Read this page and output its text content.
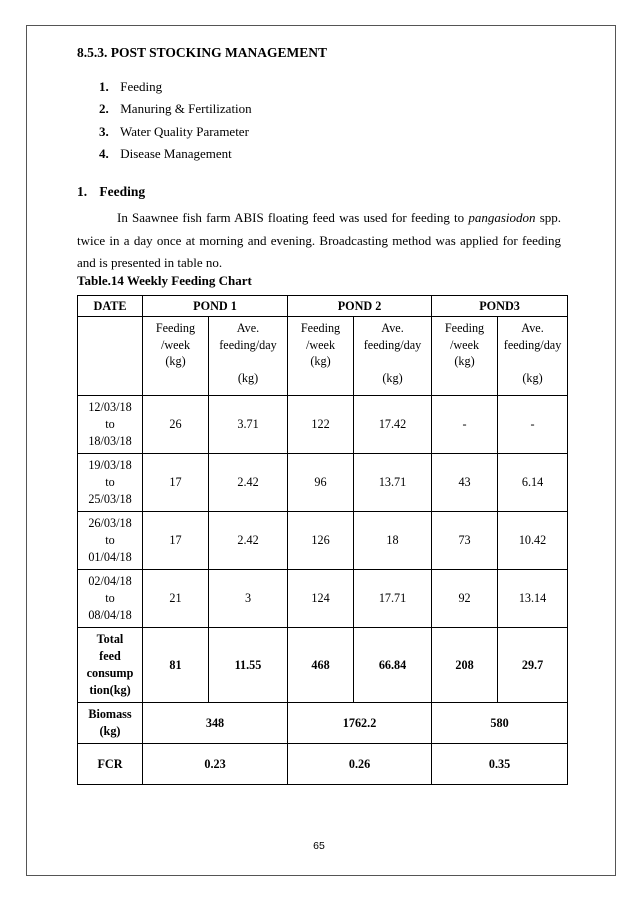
8.5.3. POST STOCKING MANAGEMENT
1. Feeding
2. Manuring & Fertilization
3. Water Quality Parameter
4. Disease Management
1. Feeding
In Saawnee fish farm ABIS floating feed was used for feeding to pangasiodon spp. twice in a day once at morning and evening. Broadcasting method was applied for feeding and is presented in table no.
Table.14 Weekly Feeding Chart
DATE	POND 1		POND 2		POND3	
	Feeding
/week
(kg)	Ave.
feeding/day

(kg)	Feeding
/week
(kg)	Ave.
feeding/day

(kg)	Feeding
/week
(kg)	Ave.
feeding/day

(kg)
12/03/18
to
18/03/18	26	3.71	122	17.42	-	-
19/03/18
to
25/03/18	17	2.42	96	13.71	43	6.14
26/03/18
to
01/04/18	17	2.42	126	18	73	10.42
02/04/18
to
08/04/18	21	3	124	17.71	92	13.14
Total
feed
consump
tion(kg)	81	11.55	468	66.84	208	29.7
Biomass
(kg)	348		1762.2		580	
FCR	0.23		0.26		0.35	
65
